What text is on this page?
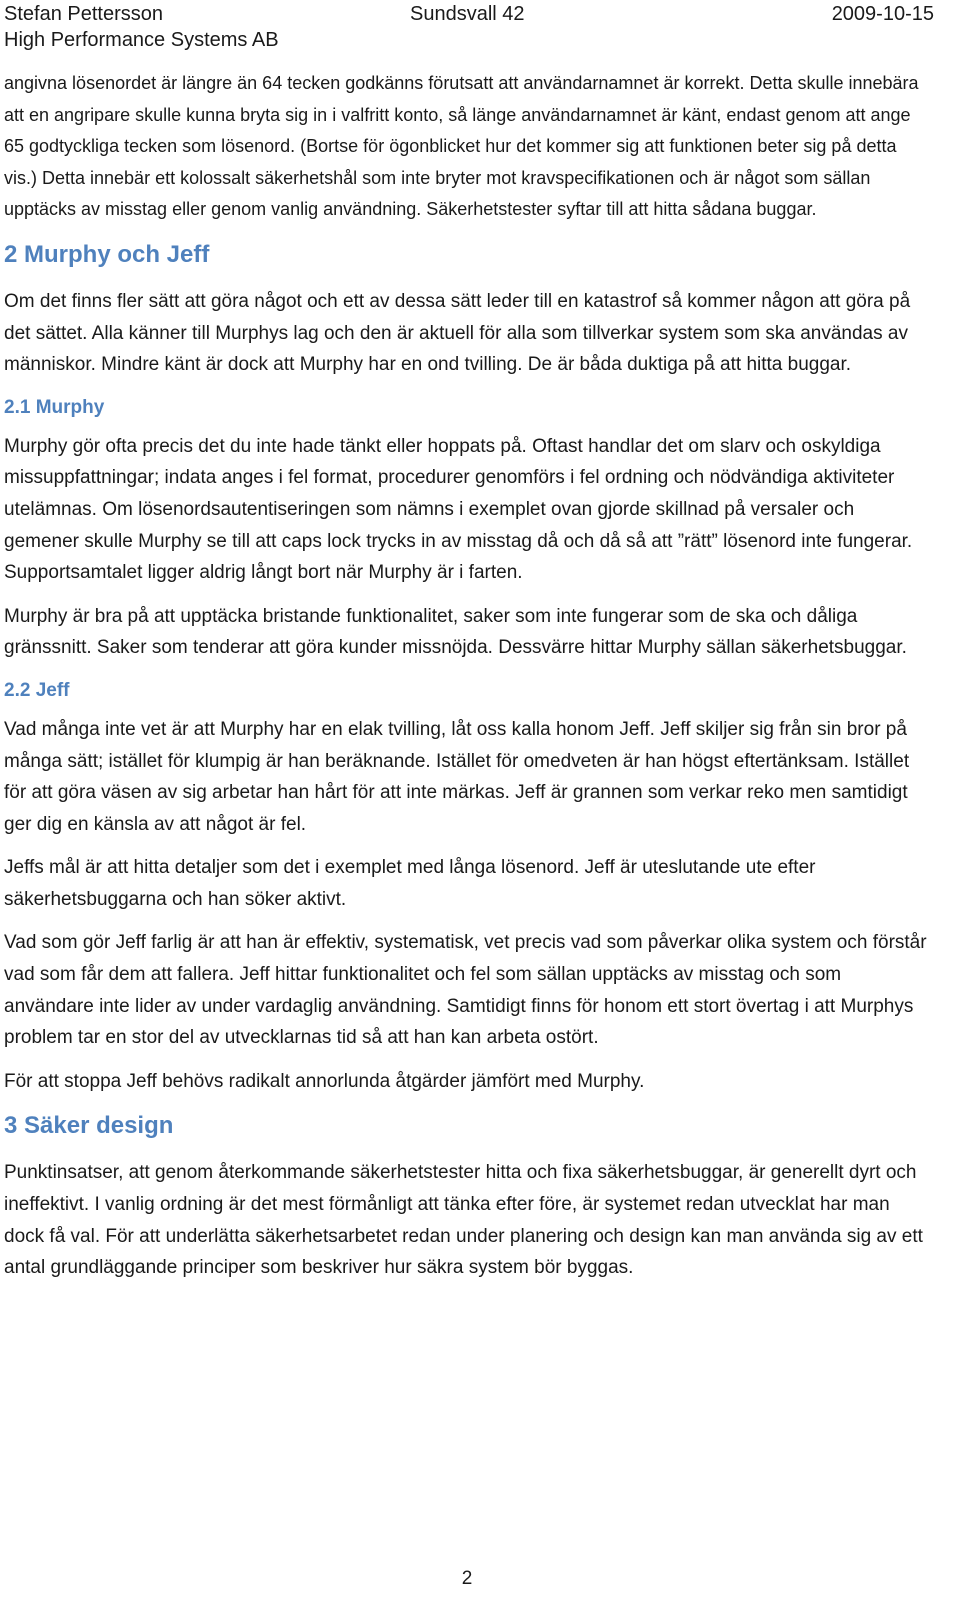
Stefan Pettersson	Sundsvall 42	2009-10-15
High Performance Systems AB

angivna lösenordet är längre än 64 tecken godkänns förutsatt att användarnamnet är korrekt. Detta skulle innebära att en angripare skulle kunna bryta sig in i valfritt konto, så länge användarnamnet är känt, endast genom att ange 65 godtyckliga tecken som lösenord. (Bortse för ögonblicket hur det kommer sig att funktionen beter sig på detta vis.) Detta innebär ett kolossalt säkerhetshål som inte bryter mot kravspecifikationen och är något som sällan upptäcks av misstag eller genom vanlig användning. Säkerhetstester syftar till att hitta sådana buggar.

2 Murphy och Jeff

Om det finns fler sätt att göra något och ett av dessa sätt leder till en katastrof så kommer någon att göra på det sättet. Alla känner till Murphys lag och den är aktuell för alla som tillverkar system som ska användas av människor. Mindre känt är dock att Murphy har en ond tvilling. De är båda duktiga på att hitta buggar.

2.1 Murphy

Murphy gör ofta precis det du inte hade tänkt eller hoppats på. Oftast handlar det om slarv och oskyldiga missuppfattningar; indata anges i fel format, procedurer genomförs i fel ordning och nödvändiga aktiviteter utelämnas. Om lösenordsautentiseringen som nämns i exemplet ovan gjorde skillnad på versaler och gemener skulle Murphy se till att caps lock trycks in av misstag då och då så att ”rätt” lösenord inte fungerar. Supportsamtalet ligger aldrig långt bort när Murphy är i farten.

Murphy är bra på att upptäcka bristande funktionalitet, saker som inte fungerar som de ska och dåliga gränssnitt. Saker som tenderar att göra kunder missnöjda. Dessvärre hittar Murphy sällan säkerhetsbuggar.

2.2 Jeff

Vad många inte vet är att Murphy har en elak tvilling, låt oss kalla honom Jeff. Jeff skiljer sig från sin bror på många sätt; istället för klumpig är han beräknande. Istället för omedveten är han högst eftertänksam. Istället för att göra väsen av sig arbetar han hårt för att inte märkas. Jeff är grannen som verkar reko men samtidigt ger dig en känsla av att något är fel.

Jeffs mål är att hitta detaljer som det i exemplet med långa lösenord. Jeff är uteslutande ute efter säkerhetsbuggarna och han söker aktivt.

Vad som gör Jeff farlig är att han är effektiv, systematisk, vet precis vad som påverkar olika system och förstår vad som får dem att fallera. Jeff hittar funktionalitet och fel som sällan upptäcks av misstag och som användare inte lider av under vardaglig användning. Samtidigt finns för honom ett stort övertag i att Murphys problem tar en stor del av utvecklarnas tid så att han kan arbeta ostört.

För att stoppa Jeff behövs radikalt annorlunda åtgärder jämfört med Murphy.

3 Säker design

Punktinsatser, att genom återkommande säkerhetstester hitta och fixa säkerhetsbuggar, är generellt dyrt och ineffektivt. I vanlig ordning är det mest förmånligt att tänka efter före, är systemet redan utvecklat har man dock få val. För att underlätta säkerhetsarbetet redan under planering och design kan man använda sig av ett antal grundläggande principer som beskriver hur säkra system bör byggas.

2
